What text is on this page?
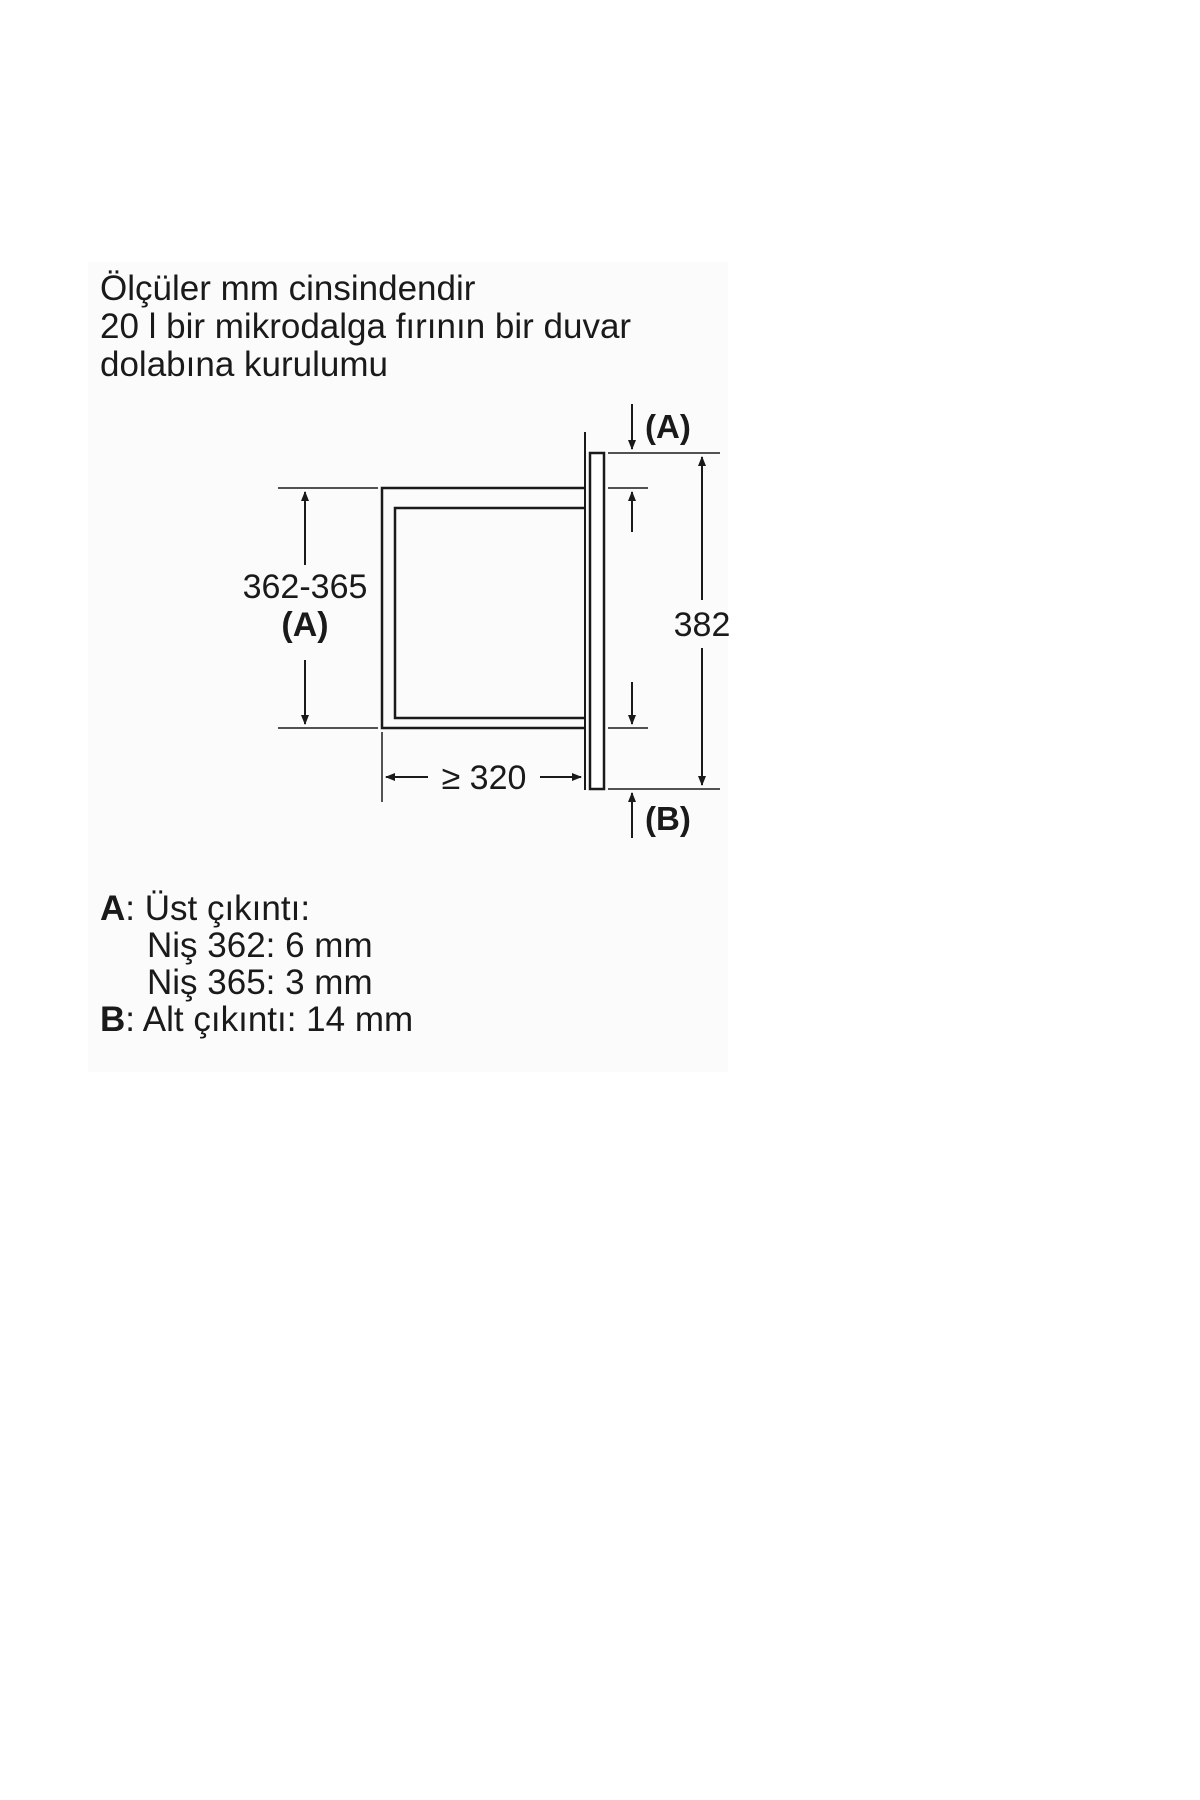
Ölçüler mm cinsindendir
20 l bir mikrodalga fırının bir duvar
dolabına kurulumu
362-365
(A)
≥ 320
(A)
(B)
382
A: Üst çıkıntı:
Niş 362: 6 mm
Niş 365: 3 mm
B: Alt çıkıntı: 14 mm
